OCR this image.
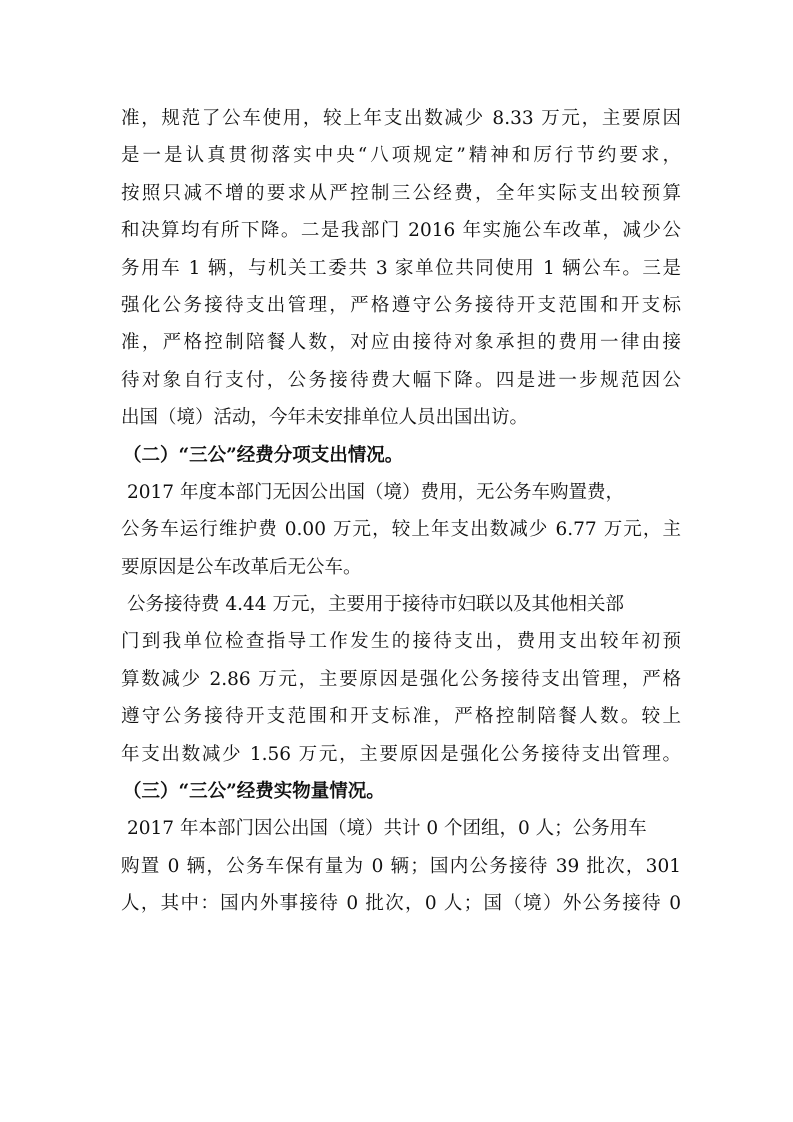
准，规范了公车使用，较上年支出数减少 8.33 万元，主要原因
是一是认真贯彻落实中央“八项规定”精神和厉行节约要求，
按照只减不增的要求从严控制三公经费，全年实际支出较预算
和决算均有所下降。二是我部门 2016 年实施公车改革，减少公
务用车 1 辆，与机关工委共 3 家单位共同使用 1 辆公车。三是
强化公务接待支出管理，严格遵守公务接待开支范围和开支标
准，严格控制陪餐人数，对应由接待对象承担的费用一律由接
待对象自行支付，公务接待费大幅下降。四是进一步规范因公
出国（境）活动，今年未安排单位人员出国出访。
（二）“三公”经费分项支出情况。
2017 年度本部门无因公出国（境）费用，无公务车购置费，
公务车运行维护费 0.00 万元，较上年支出数减少 6.77 万元，主
要原因是公车改革后无公车。
公务接待费 4.44 万元，主要用于接待市妇联以及其他相关部
门到我单位检查指导工作发生的接待支出，费用支出较年初预
算数减少 2.86 万元，主要原因是强化公务接待支出管理，严格
遵守公务接待开支范围和开支标准，严格控制陪餐人数。较上
年支出数减少 1.56 万元，主要原因是强化公务接待支出管理。
（三）“三公”经费实物量情况。
2017 年本部门因公出国（境）共计 0 个团组，0 人；公务用车
购置 0 辆，公务车保有量为 0 辆；国内公务接待 39 批次，301
人，其中：国内外事接待 0 批次，0 人；国（境）外公务接待 0
